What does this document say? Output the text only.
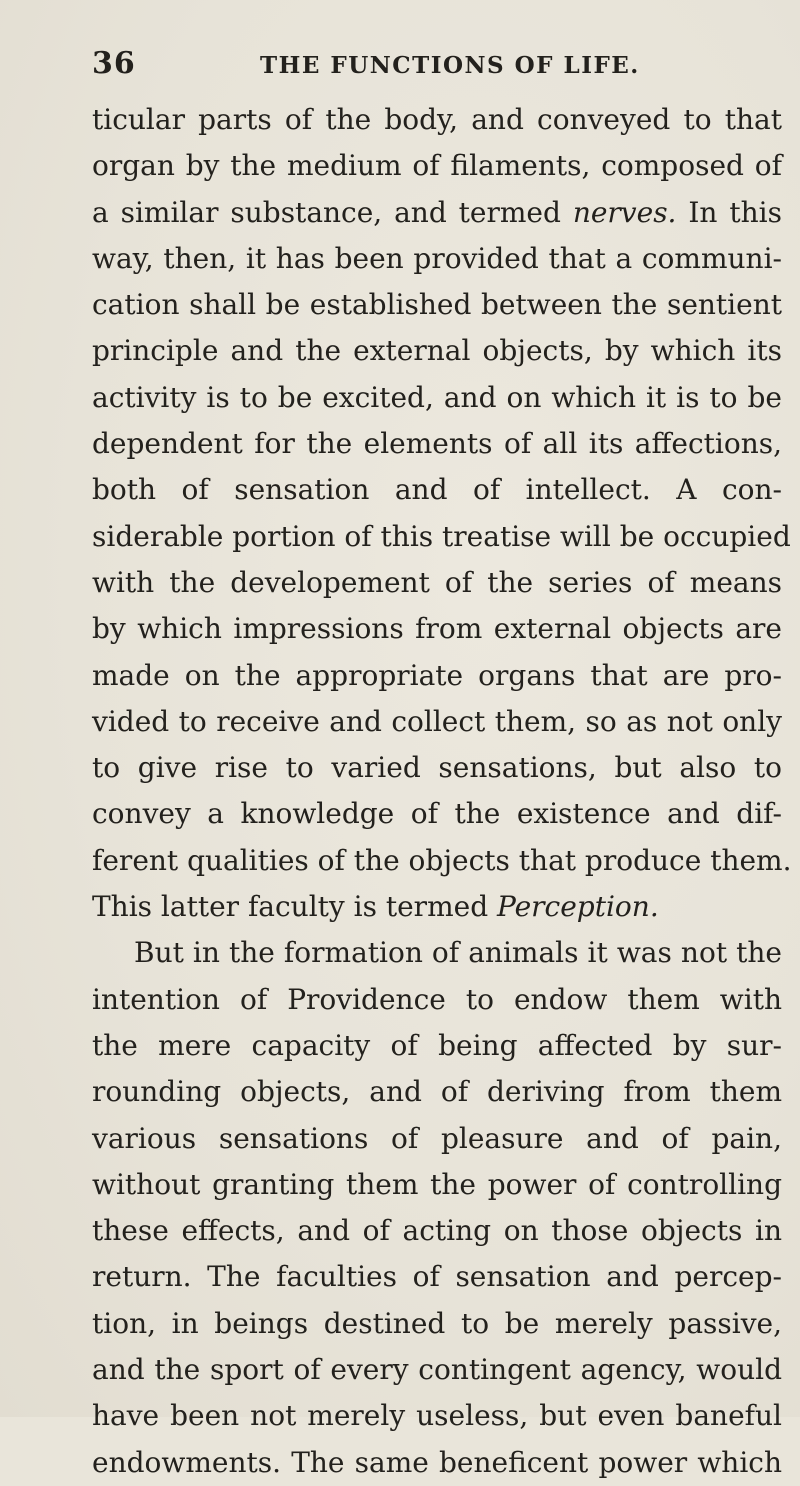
36	THE FUNCTIONS OF LIFE.
ticular parts of the body, and conveyed to that
organ by the medium of filaments, composed of
a similar substance, and termed nerves. In this
way, then, it has been provided that a communi-
cation shall be established between the sentient
principle and the external objects, by which its
activity is to be excited, and on which it is to be
dependent for the elements of all its affections,
both of sensation and of intellect. A con-
siderable portion of this treatise will be occupied
with the developement of the series of means
by which impressions from external objects are
made on the appropriate organs that are pro-
vided to receive and collect them, so as not only
to give rise to varied sensations, but also to
convey a knowledge of the existence and dif-
ferent qualities of the objects that produce them.
This latter faculty is termed Perception.
But in the formation of animals it was not the
intention of Providence to endow them with
the mere capacity of being affected by sur-
rounding objects, and of deriving from them
various sensations of pleasure and of pain,
without granting them the power of controlling
these effects, and of acting on those objects in
return. The faculties of sensation and percep-
tion, in beings destined to be merely passive,
and the sport of every contingent agency, would
have been not merely useless, but even baneful
endowments. The same beneficent power which
